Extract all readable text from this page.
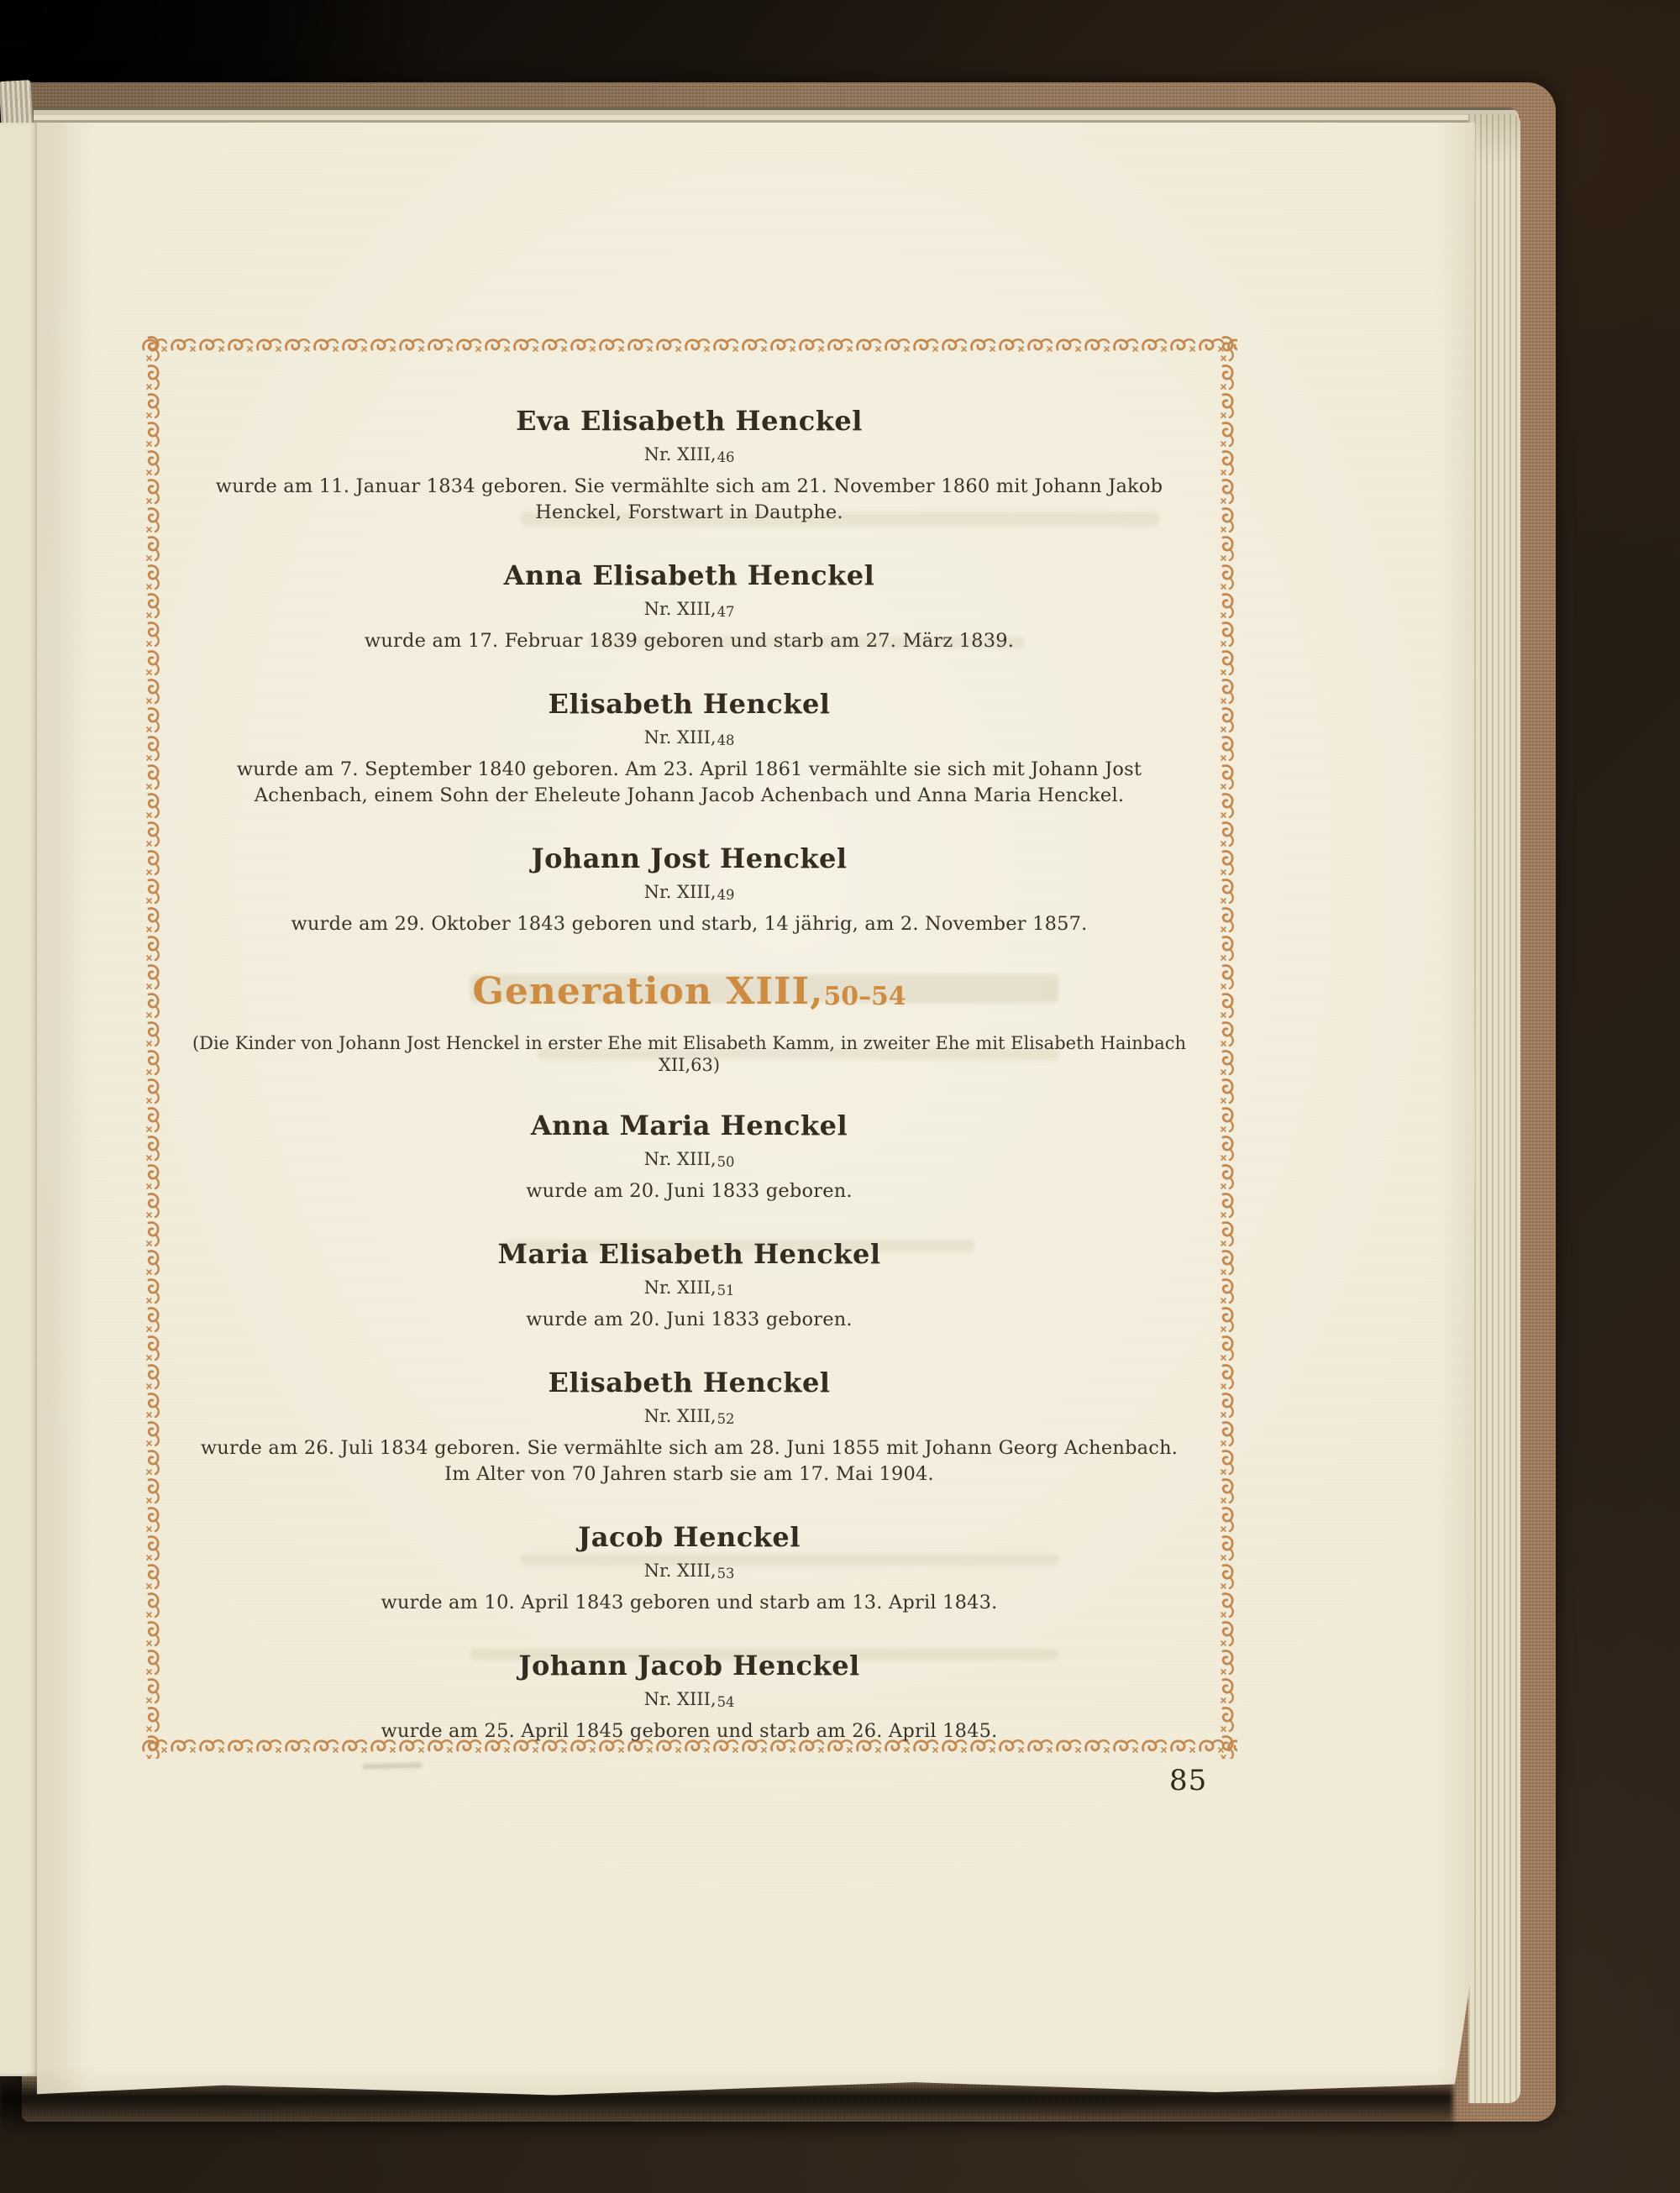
Eva Elisabeth Henckel
Nr. XIII,46

wurde am 11. Januar 1834 geboren. Sie vermählte sich am 21. November 1860 mit Johann Jakob Henckel, Forstwart in Dautphe.

Anna Elisabeth Henckel
Nr. XIII,47

wurde am 17. Februar 1839 geboren und starb am 27. März 1839.

Elisabeth Henckel
Nr. XIII,48

wurde am 7. September 1840 geboren. Am 23. April 1861 vermählte sie sich mit Johann Jost Achenbach, einem Sohn der Eheleute Johann Jacob Achenbach und Anna Maria Henckel.

Johann Jost Henckel
Nr. XIII,49

wurde am 29. Oktober 1843 geboren und starb, 14 jährig, am 2. November 1857.

Generation XIII,50–54

(Die Kinder von Johann Jost Henckel in erster Ehe mit Elisabeth Kamm, in zweiter Ehe mit Elisabeth Hainbach XII,63)

Anna Maria Henckel
Nr. XIII,50

wurde am 20. Juni 1833 geboren.

Maria Elisabeth Henckel
Nr. XIII,51

wurde am 20. Juni 1833 geboren.

Elisabeth Henckel
Nr. XIII,52

wurde am 26. Juli 1834 geboren. Sie vermählte sich am 28. Juni 1855 mit Johann Georg Achenbach. Im Alter von 70 Jahren starb sie am 17. Mai 1904.

Jacob Henckel
Nr. XIII,53

wurde am 10. April 1843 geboren und starb am 13. April 1843.

Johann Jacob Henckel
Nr. XIII,54

wurde am 25. April 1845 geboren und starb am 26. April 1845.

85
